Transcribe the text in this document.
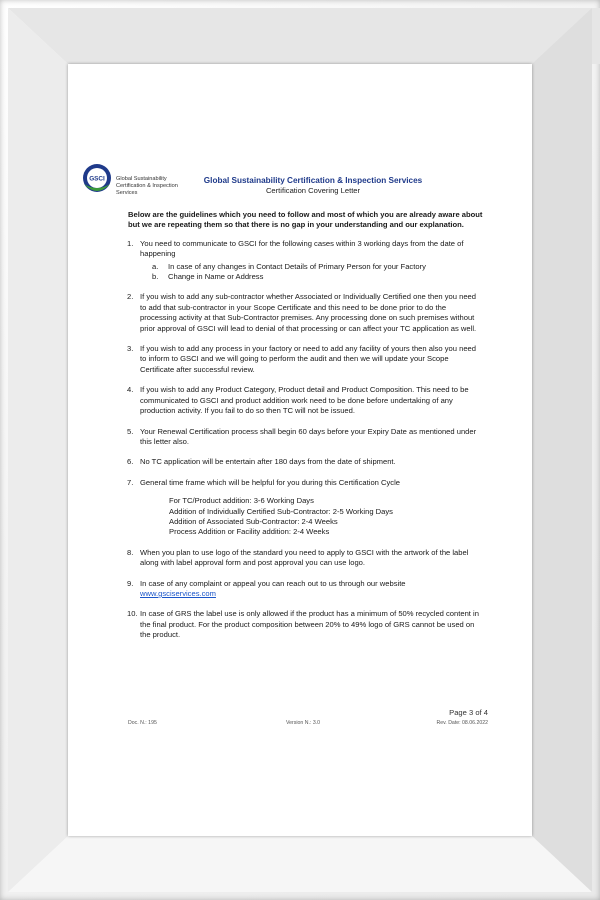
GSCI Global Sustainability Certification & Inspection Services
Global Sustainability Certification & Inspection Services
Certification Covering Letter
Below are the guidelines which you need to follow and most of which you are already aware about but we are repeating them so that there is no gap in your understanding and our explanation.
1. You need to communicate to GSCI for the following cases within 3 working days from the date of happening
a. In case of any changes in Contact Details of Primary Person for your Factory
b. Change in Name or Address
2. If you wish to add any sub-contractor whether Associated or Individually Certified one then you need to add that sub-contractor in your Scope Certificate and this need to be done prior to do the processing activity at that Sub-Contractor premises. Any processing done on such premises without prior approval of GSCI will lead to denial of that processing or can affect your TC application as well.
3. If you wish to add any process in your factory or need to add any facility of yours then also you need to inform to GSCI and we will going to perform the audit and then we will update your Scope Certificate after successful review.
4. If you wish to add any Product Category, Product detail and Product Composition. This need to be communicated to GSCI and product addition work need to be done before undertaking of any production activity. If you fail to do so then TC will not be issued.
5. Your Renewal Certification process shall begin 60 days before your Expiry Date as mentioned under this letter also.
6. No TC application will be entertain after 180 days from the date of shipment.
7. General time frame which will be helpful for you during this Certification Cycle
For TC/Product addition: 3-6 Working Days
Addition of Individually Certified Sub-Contractor: 2-5 Working Days
Addition of Associated Sub-Contractor: 2-4 Weeks
Process Addition or Facility addition: 2-4 Weeks
8. When you plan to use logo of the standard you need to apply to GSCI with the artwork of the label along with label approval form and post approval you can use logo.
9. In case of any complaint or appeal you can reach out to us through our website
www.gsciservices.com
10. In case of GRS the label use is only allowed if the product has a minimum of 50% recycled content in the final product. For the product composition between 20% to 49% logo of GRS cannot be used on the product.
Page 3 of 4
Doc. N.: 195	Version N.: 3.0	Rev. Date: 08.06.2022
